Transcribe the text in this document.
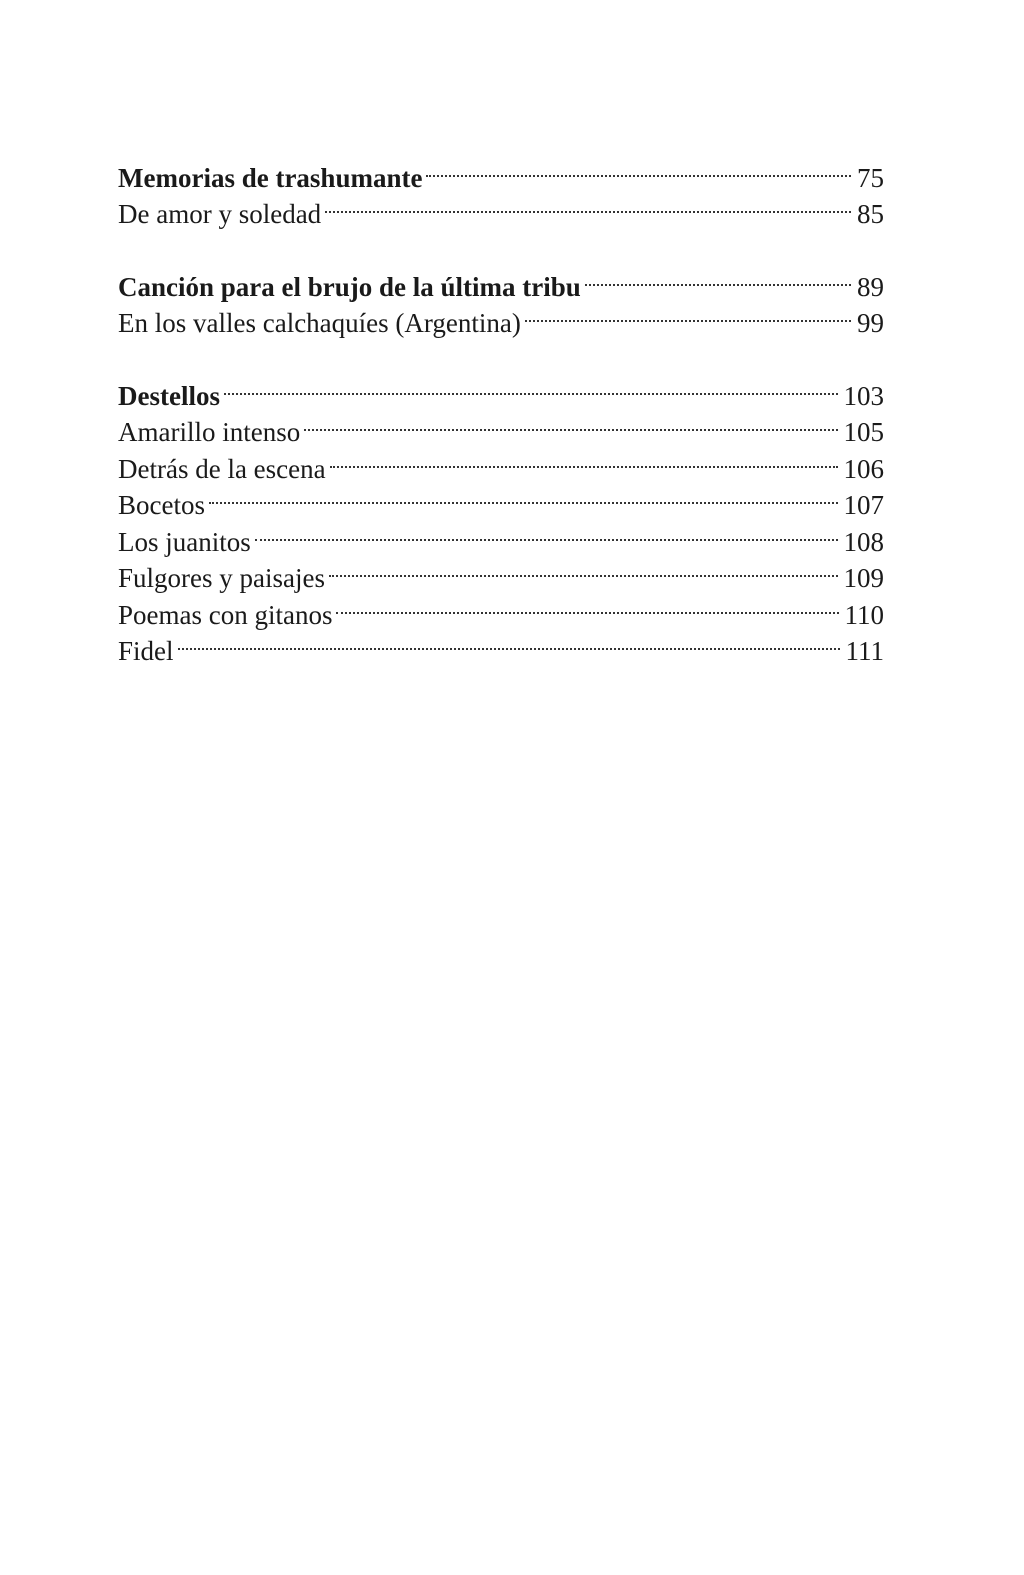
Memorias de trashumante	75
De amor y soledad	85
Canción para el brujo de la última tribu	89
En los valles calchaquíes (Argentina)	99
Destellos	103
Amarillo intenso	105
Detrás de la escena	106
Bocetos	107
Los juanitos	108
Fulgores y paisajes	109
Poemas con gitanos	110
Fidel	111
